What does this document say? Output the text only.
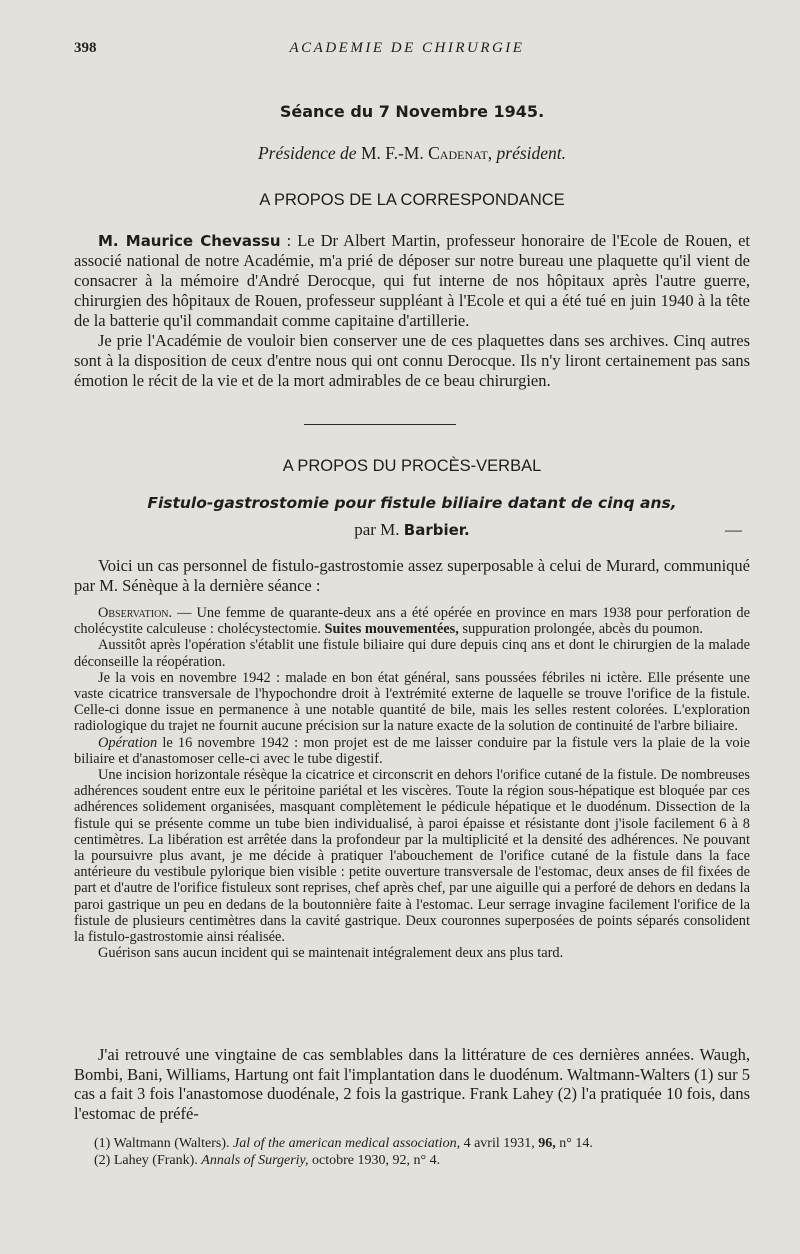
398	ACADEMIE DE CHIRURGIE
Séance du 7 Novembre 1945.
Présidence de M. F.-M. Cadenat, président.
A PROPOS DE LA CORRESPONDANCE

M. Maurice Chevassu : Le Dr Albert Martin, professeur honoraire de l'Ecole de Rouen, et associé national de notre Académie, m'a prié de déposer sur notre bureau une plaquette qu'il vient de consacrer à la mémoire d'André Derocque, qui fut interne de nos hôpitaux après l'autre guerre, chirurgien des hôpitaux de Rouen, professeur suppléant à l'Ecole et qui a été tué en juin 1940 à la tête de la batterie qu'il commandait comme capitaine d'artillerie.

Je prie l'Académie de vouloir bien conserver une de ces plaquettes dans ses archives. Cinq autres sont à la disposition de ceux d'entre nous qui ont connu Derocque. Ils n'y liront certainement pas sans émotion le récit de la vie et de la mort admirables de ce beau chirurgien.

A PROPOS DU PROCÈS-VERBAL
Fistulo-gastrostomie pour fistule biliaire datant de cinq ans,
par M. Barbier.	—

Voici un cas personnel de fistulo-gastrostomie assez superposable à celui de Murard, communiqué par M. Sénèque à la dernière séance :

Observation. — Une femme de quarante-deux ans a été opérée en province en mars 1938 pour perforation de cholécystite calculeuse : cholécystectomie. Suites mouvementées, suppuration prolongée, abcès du poumon.

Aussitôt après l'opération s'établit une fistule biliaire qui dure depuis cinq ans et dont le chirurgien de la malade déconseille la réopération.

Je la vois en novembre 1942 : malade en bon état général, sans poussées fébriles ni ictère. Elle présente une vaste cicatrice transversale de l'hypochondre droit à l'extrémité externe de laquelle se trouve l'orifice de la fistule. Celle-ci donne issue en permanence à une notable quantité de bile, mais les selles restent colorées. L'exploration radiologique du trajet ne fournit aucune précision sur la nature exacte de la solution de continuité de l'arbre biliaire.

Opération le 16 novembre 1942 : mon projet est de me laisser conduire par la fistule vers la plaie de la voie biliaire et d'anastomoser celle-ci avec le tube digestif.

Une incision horizontale résèque la cicatrice et circonscrit en dehors l'orifice cutané de la fistule. De nombreuses adhérences soudent entre eux le péritoine pariétal et les viscères. Toute la région sous-hépatique est bloquée par ces adhérences solidement organisées, masquant complètement le pédicule hépatique et le duodénum. Dissection de la fistule qui se présente comme un tube bien individualisé, à paroi épaisse et résistante dont j'isole facilement 6 à 8 centimètres. La libération est arrêtée dans la profondeur par la multiplicité et la densité des adhérences. Ne pouvant la poursuivre plus avant, je me décide à pratiquer l'abouchement de l'orifice cutané de la fistule dans la face antérieure du vestibule pylorique bien visible : petite ouverture transversale de l'estomac, deux anses de fil fixées de part et d'autre de l'orifice fistuleux sont reprises, chef après chef, par une aiguille qui a perforé de dehors en dedans la paroi gastrique un peu en dedans de la boutonnière faite à l'estomac. Leur serrage invagine facilement l'orifice de la fistule de plusieurs centimètres dans la cavité gastrique. Deux couronnes superposées de points séparés consolident la fistulo-gastrostomie ainsi réalisée.

Guérison sans aucun incident qui se maintenait intégralement deux ans plus tard.

J'ai retrouvé une vingtaine de cas semblables dans la littérature de ces dernières années. Waugh, Bombi, Bani, Williams, Hartung ont fait l'implantation dans le duodénum. Waltmann-Walters (1) sur 5 cas a fait 3 fois l'anastomose duodénale, 2 fois la gastrique. Frank Lahey (2) l'a pratiquée 10 fois, dans l'estomac de préfé-

(1) Waltmann (Walters). Jal of the american medical association, 4 avril 1931, 96, n° 14.
(2) Lahey (Frank). Annals of Surgeriy, octobre 1930, 92, n° 4.
